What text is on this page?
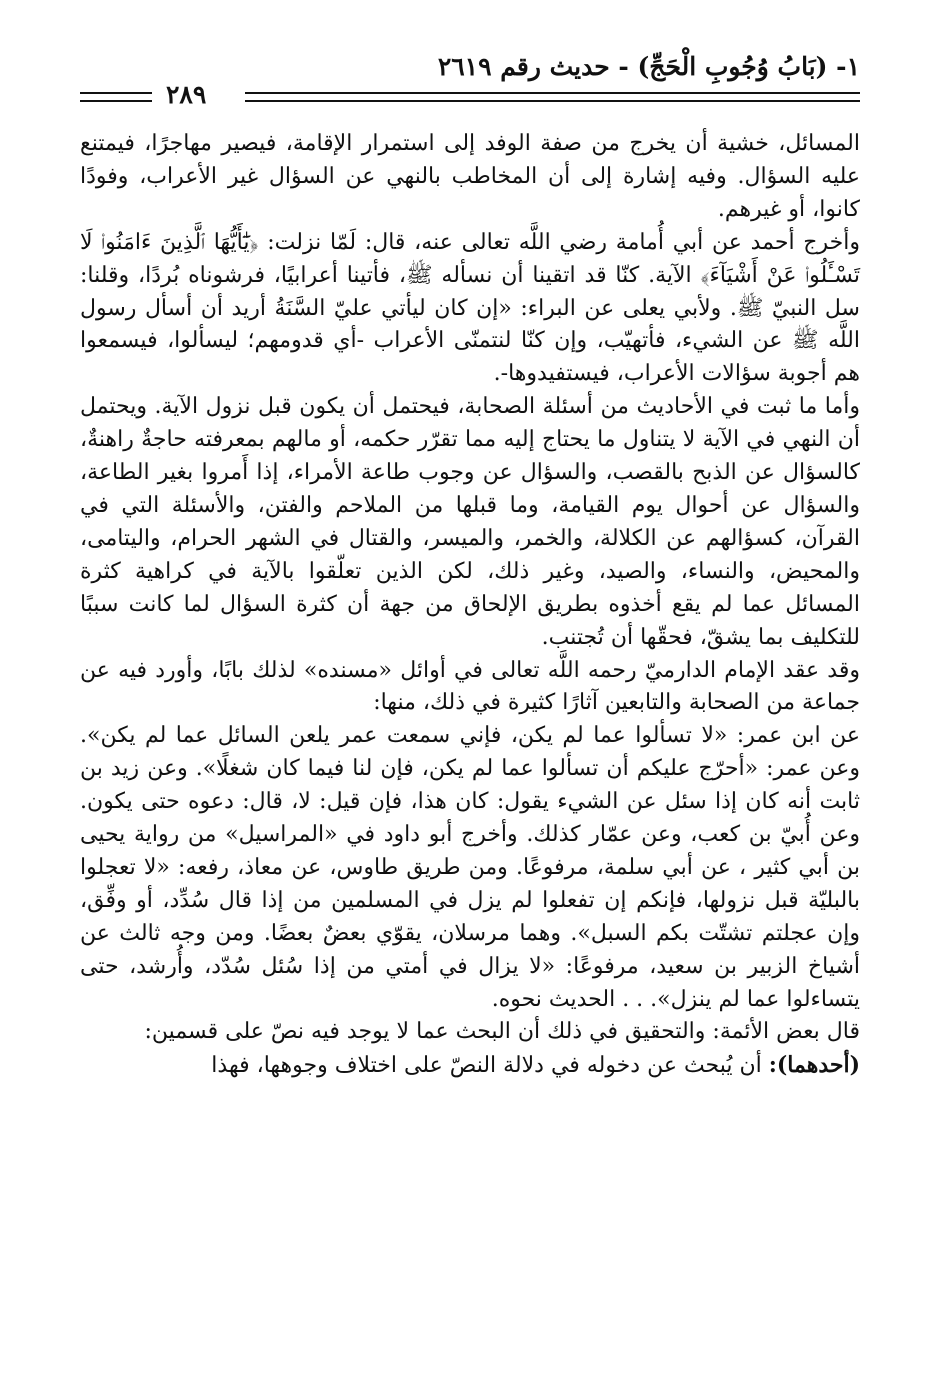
١- (بَابُ وُجُوبِ الْحَجِّ) - حديث رقم ٢٦١٩
٢٨٩

المسائل، خشية أن يخرج من صفة الوفد إلى استمرار الإقامة، فيصير مهاجرًا، فيمتنع عليه السؤال. وفيه إشارة إلى أن المخاطب بالنهي عن السؤال غير الأعراب، وفودًا كانوا، أو غيرهم.

وأخرج أحمد عن أبي أُمامة رضي اللَّه تعالى عنه، قال: لَمّا نزلت: ﴿يَٰٓأَيُّهَا ٱلَّذِينَ ءَامَنُوا۟ لَا تَسْـَٔلُوا۟ عَنْ أَشْيَآءَ﴾ الآية. كنّا قد اتقينا أن نسأله ﷺ، فأتينا أعرابيًا، فرشوناه بُردًا، وقلنا: سل النبيّ ﷺ. ولأبي يعلى عن البراء: «إن كان ليأتي عليّ السَّنَةُ أريد أن أسأل رسول اللَّه ﷺ عن الشيء، فأتهيّب، وإن كنّا لنتمنّى الأعراب -أي قدومهم؛ ليسألوا، فيسمعوا هم أجوبة سؤالات الأعراب، فيستفيدوها-.

وأما ما ثبت في الأحاديث من أسئلة الصحابة، فيحتمل أن يكون قبل نزول الآية. ويحتمل أن النهي في الآية لا يتناول ما يحتاج إليه مما تقرّر حكمه، أو مالهم بمعرفته حاجةٌ راهنةٌ، كالسؤال عن الذبح بالقصب، والسؤال عن وجوب طاعة الأمراء، إذا أَمروا بغير الطاعة، والسؤال عن أحوال يوم القيامة، وما قبلها من الملاحم والفتن، والأسئلة التي في القرآن، كسؤالهم عن الكلالة، والخمر، والميسر، والقتال في الشهر الحرام، واليتامى، والمحيض، والنساء، والصيد، وغير ذلك، لكن الذين تعلّقوا بالآية في كراهية كثرة المسائل عما لم يقع أخذوه بطريق الإلحاق من جهة أن كثرة السؤال لما كانت سببًا للتكليف بما يشقّ، فحقّها أن تُجتنب.

وقد عقد الإمام الدارميّ رحمه اللَّه تعالى في أوائل «مسنده» لذلك بابًا، وأورد فيه عن جماعة من الصحابة والتابعين آثارًا كثيرة في ذلك، منها:

عن ابن عمر: «لا تسألوا عما لم يكن، فإني سمعت عمر يلعن السائل عما لم يكن». وعن عمر: «أحرّج عليكم أن تسألوا عما لم يكن، فإن لنا فيما كان شغلًا». وعن زيد بن ثابت أنه كان إذا سئل عن الشيء يقول: كان هذا، فإن قيل: لا، قال: دعوه حتى يكون. وعن أُبيّ بن كعب، وعن عمّار كذلك. وأخرج أبو داود في «المراسيل» من رواية يحيى بن أبي كثير ، عن أبي سلمة، مرفوعًا. ومن طريق طاوس، عن معاذ، رفعه: «لا تعجلوا بالبليّة قبل نزولها، فإنكم إن تفعلوا لم يزل في المسلمين من إذا قال سُدِّد، أو وفِّق، وإن عجلتم تشتّت بكم السبل». وهما مرسلان، يقوّي بعضٌ بعضًا. ومن وجه ثالث عن أشياخ الزبير بن سعيد، مرفوعًا: «لا يزال في أمتي من إذا سُئل سُدّد، وأُرشد، حتى يتساءلوا عما لم ينزل». . . الحديث نحوه.

قال بعض الأئمة: والتحقيق في ذلك أن البحث عما لا يوجد فيه نصّ على قسمين:

(أحدهما): أن يُبحث عن دخوله في دلالة النصّ على اختلاف وجوهها، فهذا
